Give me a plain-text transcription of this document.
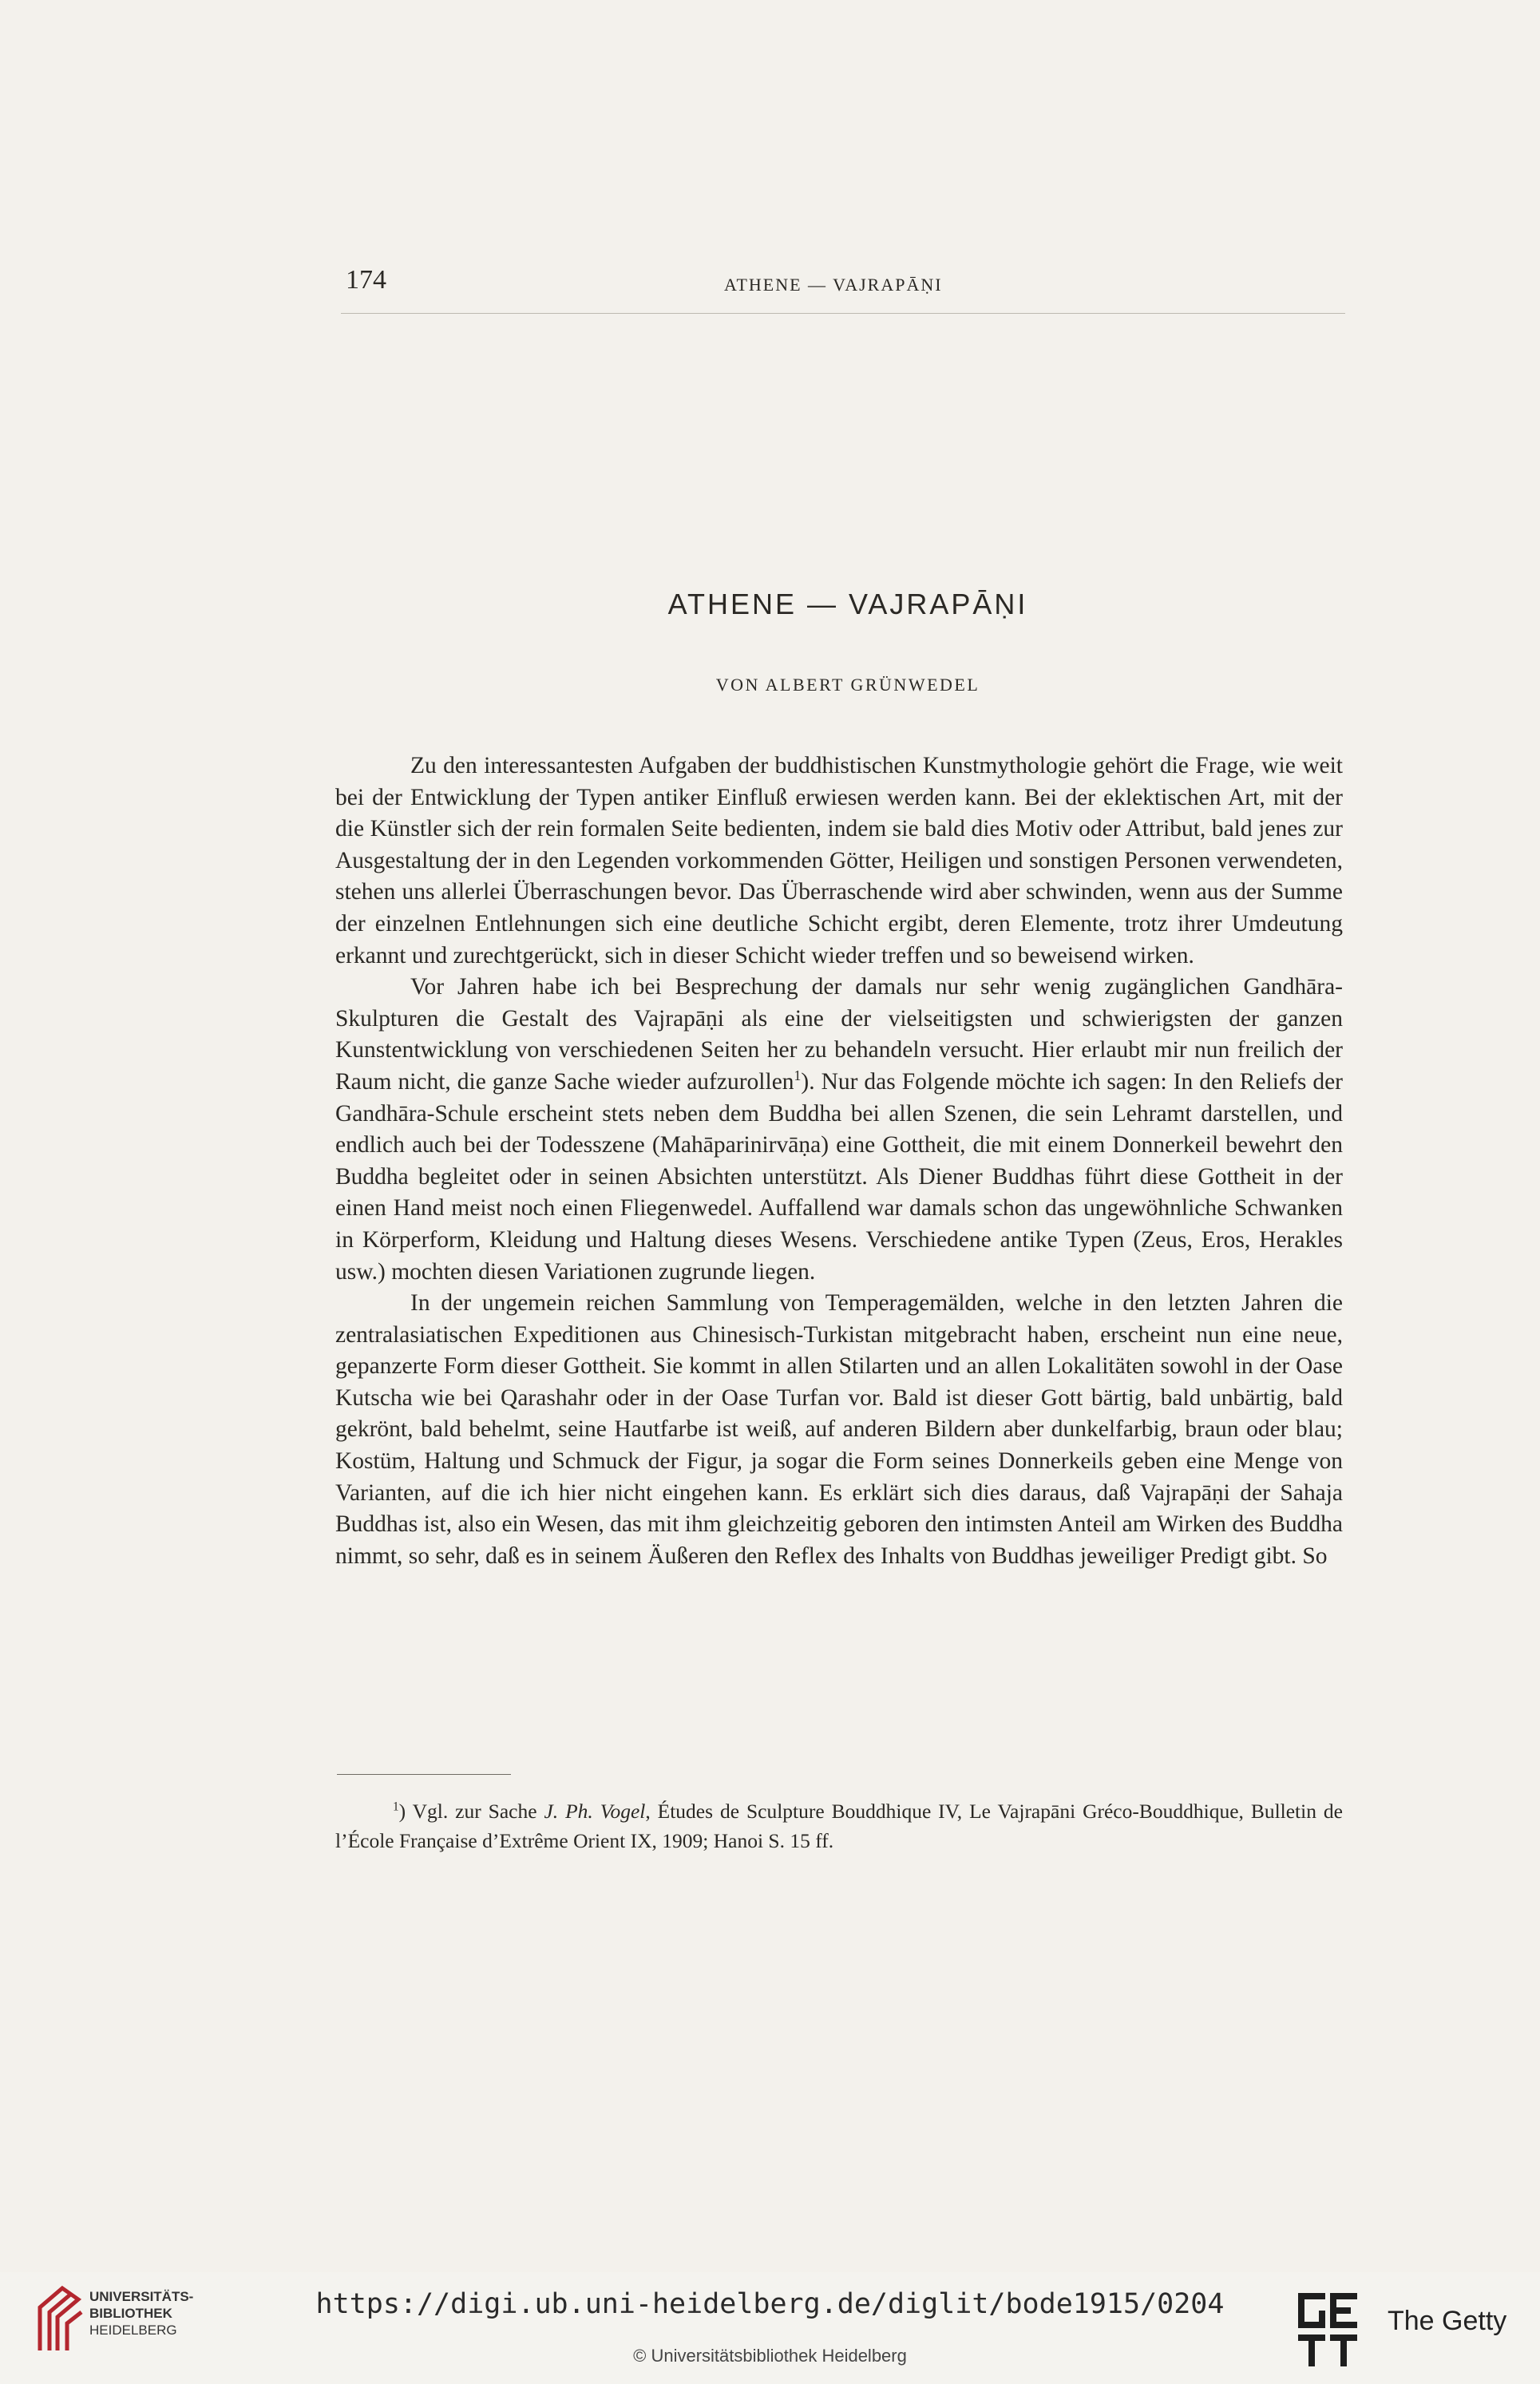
174	ATHENE — VAJRAPĀṆI
ATHENE — VAJRAPĀṆI
VON ALBERT GRÜNWEDEL

Zu den interessantesten Aufgaben der buddhistischen Kunstmythologie gehört die Frage, wie weit bei der Entwicklung der Typen antiker Einfluß erwiesen werden kann. Bei der eklektischen Art, mit der die Künstler sich der rein formalen Seite bedienten, indem sie bald dies Motiv oder Attribut, bald jenes zur Ausgestaltung der in den Legenden vorkommenden Götter, Heiligen und sonstigen Personen verwendeten, stehen uns allerlei Überraschungen bevor. Das Überraschende wird aber schwinden, wenn aus der Summe der einzelnen Entlehnungen sich eine deutliche Schicht ergibt, deren Elemente, trotz ihrer Umdeutung erkannt und zurechtgerückt, sich in dieser Schicht wieder treffen und so beweisend wirken.

Vor Jahren habe ich bei Besprechung der damals nur sehr wenig zugänglichen Gandhāra-Skulpturen die Gestalt des Vajrapāṇi als eine der vielseitigsten und schwierigsten der ganzen Kunstentwicklung von verschiedenen Seiten her zu behandeln versucht. Hier erlaubt mir nun freilich der Raum nicht, die ganze Sache wieder aufzurollen$^1$). Nur das Folgende möchte ich sagen: In den Reliefs der Gandhāra-Schule erscheint stets neben dem Buddha bei allen Szenen, die sein Lehramt darstellen, und endlich auch bei der Todesszene (Mahāparinirvāṇa) eine Gottheit, die mit einem Donnerkeil bewehrt den Buddha begleitet oder in seinen Absichten unterstützt. Als Diener Buddhas führt diese Gottheit in der einen Hand meist noch einen Fliegenwedel. Auffallend war damals schon das ungewöhnliche Schwanken in Körperform, Kleidung und Haltung dieses Wesens. Verschiedene antike Typen (Zeus, Eros, Herakles usw.) mochten diesen Variationen zugrunde liegen.

In der ungemein reichen Sammlung von Temperagemälden, welche in den letzten Jahren die zentralasiatischen Expeditionen aus Chinesisch-Turkistan mitgebracht haben, erscheint nun eine neue, gepanzerte Form dieser Gottheit. Sie kommt in allen Stilarten und an allen Lokalitäten sowohl in der Oase Kutscha wie bei Qarashahr oder in der Oase Turfan vor. Bald ist dieser Gott bärtig, bald unbärtig, bald gekrönt, bald behelmt, seine Hautfarbe ist weiß, auf anderen Bildern aber dunkelfarbig, braun oder blau; Kostüm, Haltung und Schmuck der Figur, ja sogar die Form seines Donnerkeils geben eine Menge von Varianten, auf die ich hier nicht eingehen kann. Es erklärt sich dies daraus, daß Vajrapāṇi der Sahaja Buddhas ist, also ein Wesen, das mit ihm gleichzeitig geboren den intimsten Anteil am Wirken des Buddha nimmt, so sehr, daß es in seinem Äußeren den Reflex des Inhalts von Buddhas jeweiliger Predigt gibt. So

$^1$) Vgl. zur Sache J. Ph. Vogel, Études de Sculpture Bouddhique IV, Le Vajrapāni Gréco-Bouddhique, Bulletin de l’École Française d’Extrême Orient IX, 1909; Hanoi S. 15 ff.

UNIVERSITÄTS-
BIBLIOTHEK
HEIDELBERG

https://digi.ub.uni-heidelberg.de/diglit/bode1915/0204

© Universitätsbibliothek Heidelberg
The Getty
